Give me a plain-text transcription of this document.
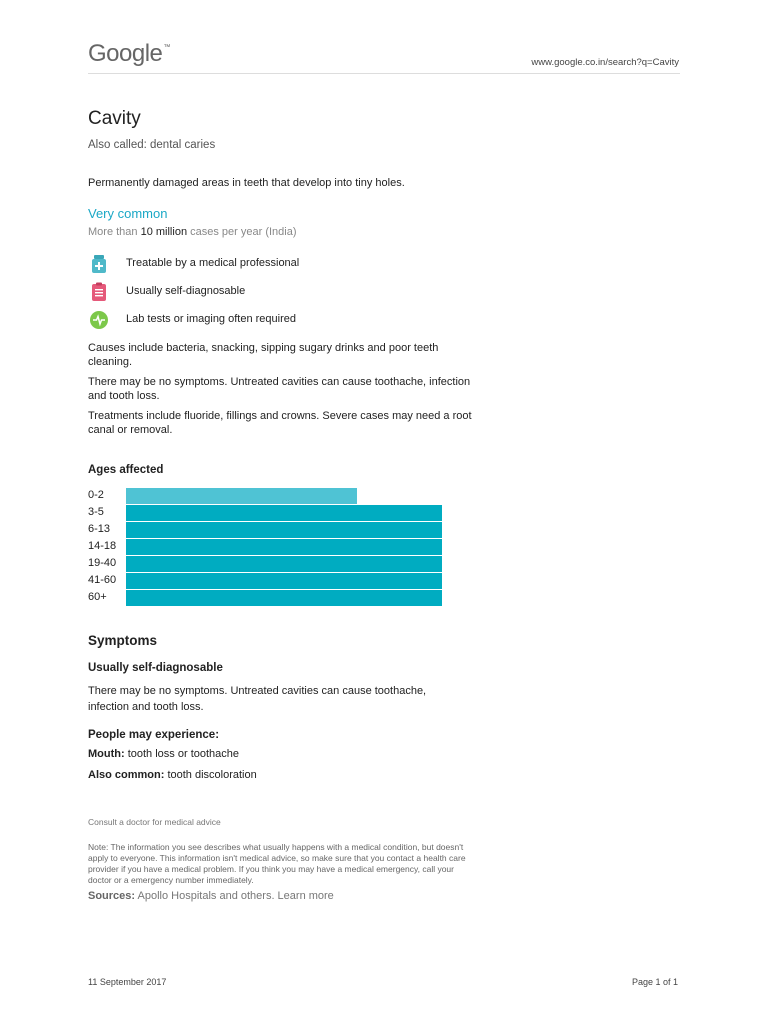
Google™
www.google.co.in/search?q=Cavity
Cavity
Also called: dental caries
Permanently damaged areas in teeth that develop into tiny holes.
Very common
More than 10 million cases per year (India)
Treatable by a medical professional
Usually self-diagnosable
Lab tests or imaging often required
Causes include bacteria, snacking, sipping sugary drinks and poor teeth cleaning.
There may be no symptoms. Untreated cavities can cause toothache, infection and tooth loss.
Treatments include fluoride, fillings and crowns. Severe cases may need a root canal or removal.
Ages affected
0-2
3-5
6-13
14-18
19-40
41-60
60+
Symptoms
Usually self-diagnosable
There may be no symptoms. Untreated cavities can cause toothache, infection and tooth loss.
People may experience:
Mouth: tooth loss or toothache
Also common: tooth discoloration
Consult a doctor for medical advice
Note: The information you see describes what usually happens with a medical condition, but doesn't apply to everyone. This information isn't medical advice, so make sure that you contact a health care provider if you have a medical problem. If you think you may have a medical emergency, call your doctor or a emergency number immediately.
Sources: Apollo Hospitals and others. Learn more
11 September 2017	Page 1 of 1
